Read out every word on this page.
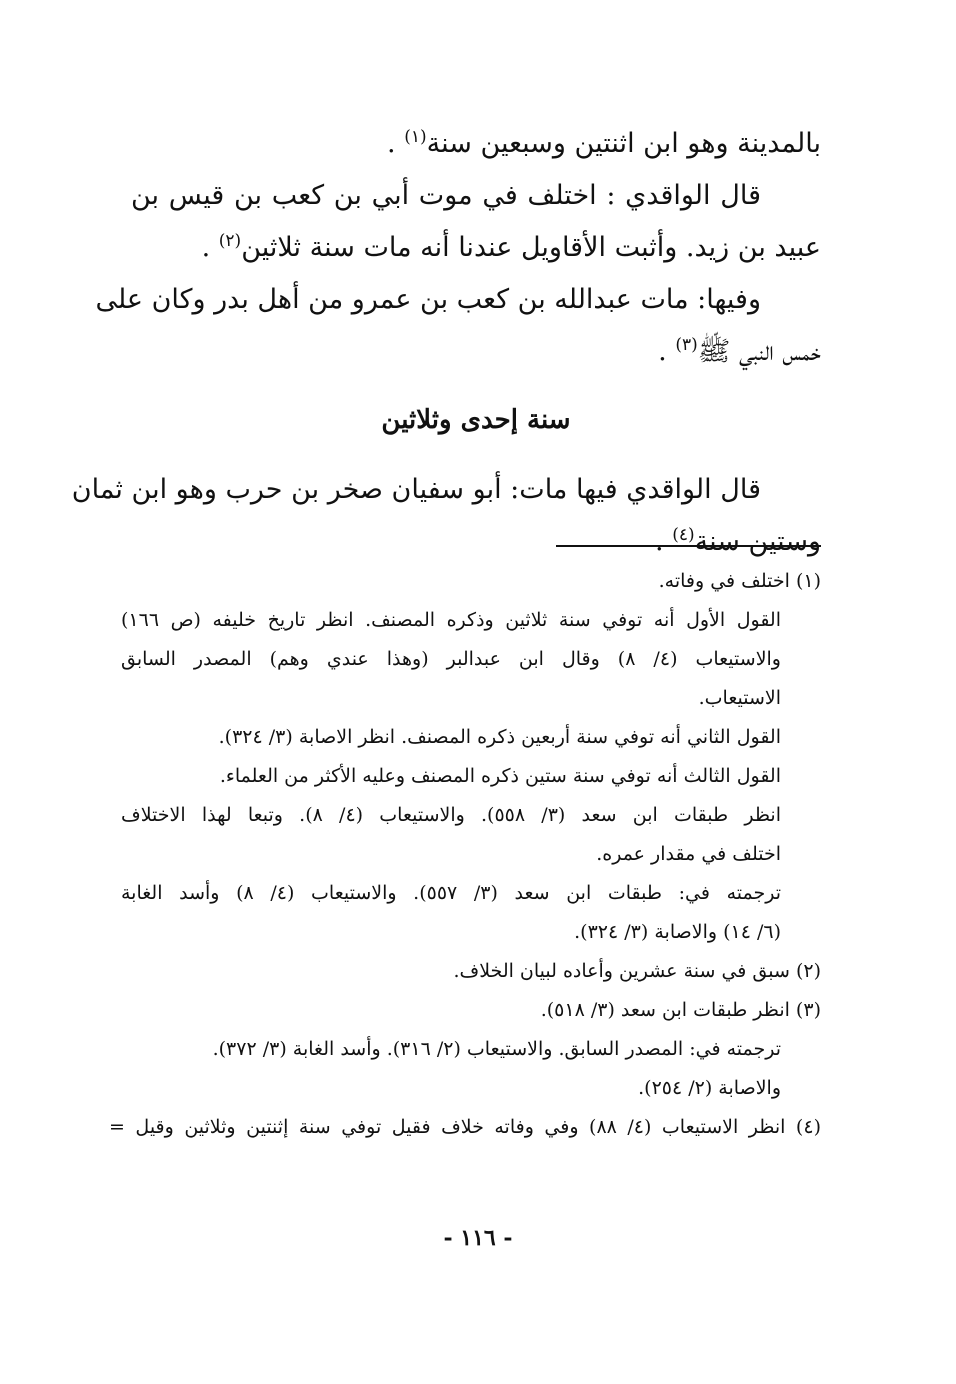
بالمدينة وهو ابن اثنتين وسبعين سنة$^{(١)}$ .
قال الواقدي : اختلف في موت أبي بن كعب بن قيس بن
عبيد بن زيد. وأثبت الأقاويل عندنا أنه مات سنة ثلاثين$^{(٢)}$ .
وفيها: مات عبدالله بن كعب بن عمرو من أهل بدر وكان على
خمس النبي ﷺ$^{(٣)}$ .
سنة إحدى وثلاثين
قال الواقدي فيها مات: أبو سفيان صخر بن حرب وهو ابن ثمان
وستين سنة$^{(٤)}$ .
(١) اختلف في وفاته.
القول الأول أنه توفي سنة ثلاثين وذكره المصنف. انظر تاريخ خليفه (ص ١٦٦)
والاستيعاب (٤/ ٨) وقال ابن عبدالبر (وهذا عندي وهم) المصدر السابق
الاستيعاب.
القول الثاني أنه توفي سنة أربعين ذكره المصنف. انظر الاصابة (٣/ ٣٢٤).
القول الثالث أنه توفي سنة ستين ذكره المصنف وعليه الأكثر من العلماء.
انظر طبقات ابن سعد (٣/ ٥٥٨). والاستيعاب (٤/ ٨). وتبعا لهذا الاختلاف
اختلف في مقدار عمره.
ترجمته في: طبقات ابن سعد (٣/ ٥٥٧). والاستيعاب (٤/ ٨) وأسد الغابة
(٦/ ١٤) والاصابة (٣/ ٣٢٤).
(٢) سبق في سنة عشرين وأعاده لبيان الخلاف.
(٣) انظر طبقات ابن سعد (٣/ ٥١٨).
ترجمته في: المصدر السابق. والاستيعاب (٢/ ٣١٦). وأسد الغابة (٣/ ٣٧٢).
والاصابة (٢/ ٢٥٤).
(٤) انظر الاستيعاب (٤/ ٨٨) وفي وفاته خلاف فقيل توفي سنة إثنتين وثلاثين وقيل =
- ١١٦ -
